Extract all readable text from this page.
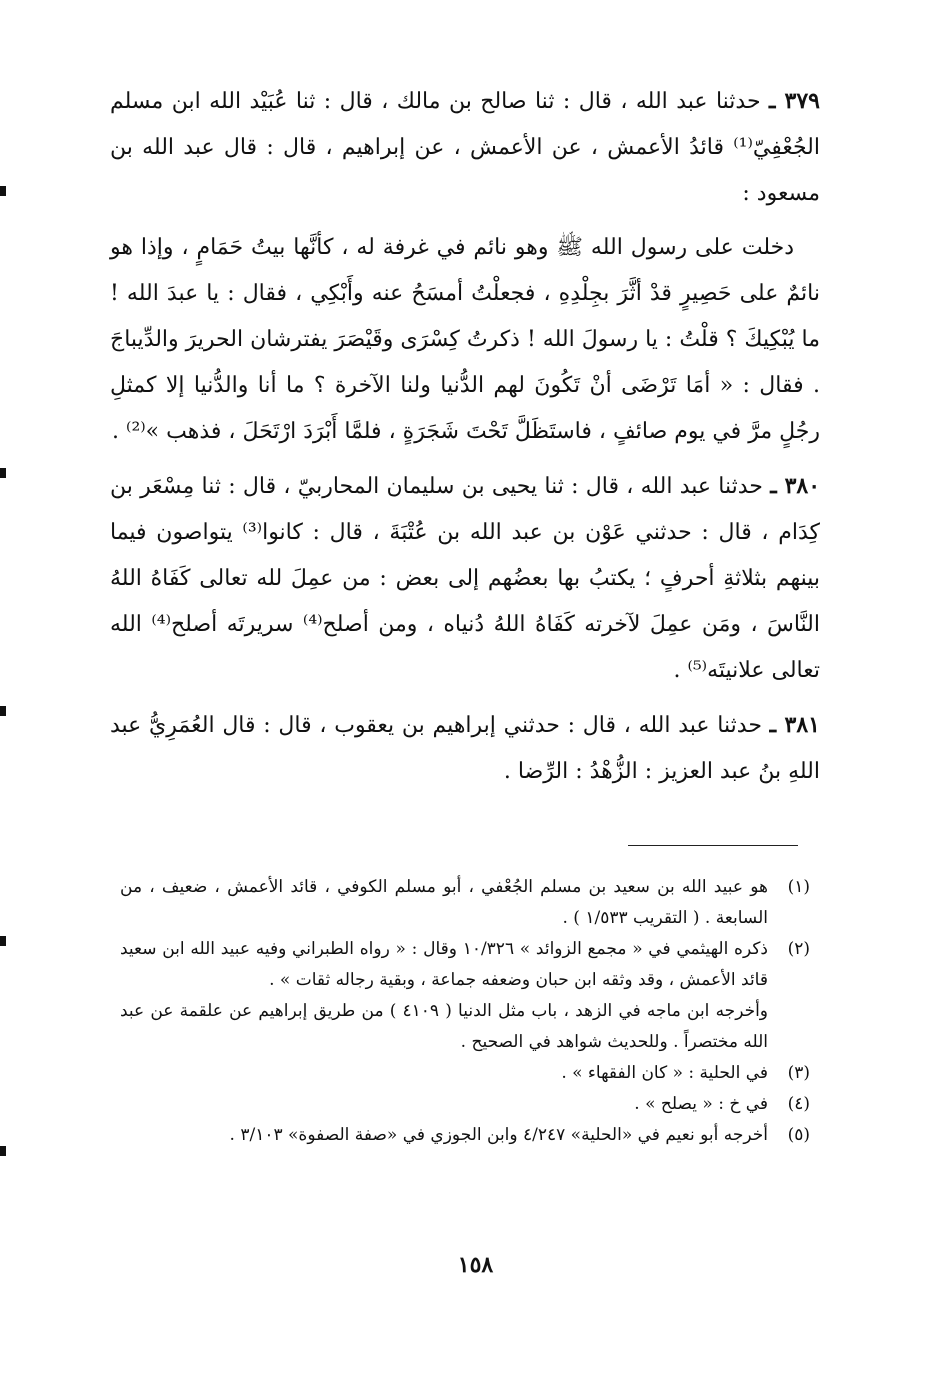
٣٧٩ ـ حدثنا عبد الله ، قال : ثنا صالح بن مالك ، قال : ثنا عُبَيْد الله ابن مسلم الجُعْفِيّ⁽¹⁾ قائدُ الأعمش ، عن الأعمش ، عن إبراهيم ، قال : قال عبد الله بن مسعود :

دخلت على رسول الله ﷺ وهو نائم في غرفة له ، كأنَّها بيتُ حَمَامٍ ، وإذا هو نائمٌ على حَصِيرٍ قدْ أثَّرَ بجِلْدِهِ ، فجعلْتُ أمسَحُ عنه وأَبْكِي ، فقال : يا عبدَ الله ! ما يُبْكِيكَ ؟ قلْتُ : يا رسولَ الله ! ذكرتُ كِسْرَى وقَيْصَرَ يفترشان الحريرَ والدِّيباجَ . فقال : « أمَا تَرْضَى أنْ تَكُونَ لهم الدُّنيا ولنا الآخرة ؟ ما أنا والدُّنيا إلا كمثلِ رجُلٍ مرَّ في يوم صائفٍ ، فاستَظَلَّ تَحْتَ شَجَرَةٍ ، فلمَّا أَبْرَدَ ارْتَحَلَ ، فذهب »⁽²⁾ .

٣٨٠ ـ حدثنا عبد الله ، قال : ثنا يحيى بن سليمان المحاربيّ ، قال : ثنا مِسْعَر بن كِدَام ، قال : حدثني عَوْن بن عبد الله بن عُتْبَةَ ، قال : كانوا⁽³⁾ يتواصون فيما بينهم بثلاثةِ أحرفٍ ؛ يكتبُ بها بعضُهم إلى بعض : من عمِلَ لله تعالى كَفَاهُ اللهُ النَّاسَ ، ومَن عمِلَ لآخرته كَفَاهُ اللهُ دُنياه ، ومن أصلح⁽⁴⁾ سريرتَه أصلح⁽⁴⁾ الله تعالى علانيتَه⁽⁵⁾ .

٣٨١ ـ حدثنا عبد الله ، قال : حدثني إبراهيم بن يعقوب ، قال : قال العُمَرِيُّ عبد اللهِ بنُ عبد العزيز : الزُّهْدُ : الرِّضا .

(١)
هو عبيد الله بن سعيد بن مسلم الجُعْفي ، أبو مسلم الكوفي ، قائد الأعمش ، ضعيف ، من السابعة . ( التقريب ١/٥٣٣ ) .
(٢)
ذكره الهيثمي في « مجمع الزوائد » ١٠/٣٢٦ وقال : « رواه الطبراني وفيه عبيد الله ابن سعيد قائد الأعمش ، وقد وثقه ابن حبان وضعفه جماعة ، وبقية رجاله ثقات » .
وأخرجه ابن ماجه في الزهد ، باب مثل الدنيا ( ٤١٠٩ ) من طريق إبراهيم عن علقمة عن عبد الله مختصراً . وللحديث شواهد في الصحيح .
(٣)
في الحلية : « كان الفقهاء » .
(٤)
في خ : « يصلح » .
(٥)
أخرجه أبو نعيم في «الحلية» ٤/٢٤٧ وابن الجوزي في «صفة الصفوة» ٣/١٠٣ .
١٥٨
